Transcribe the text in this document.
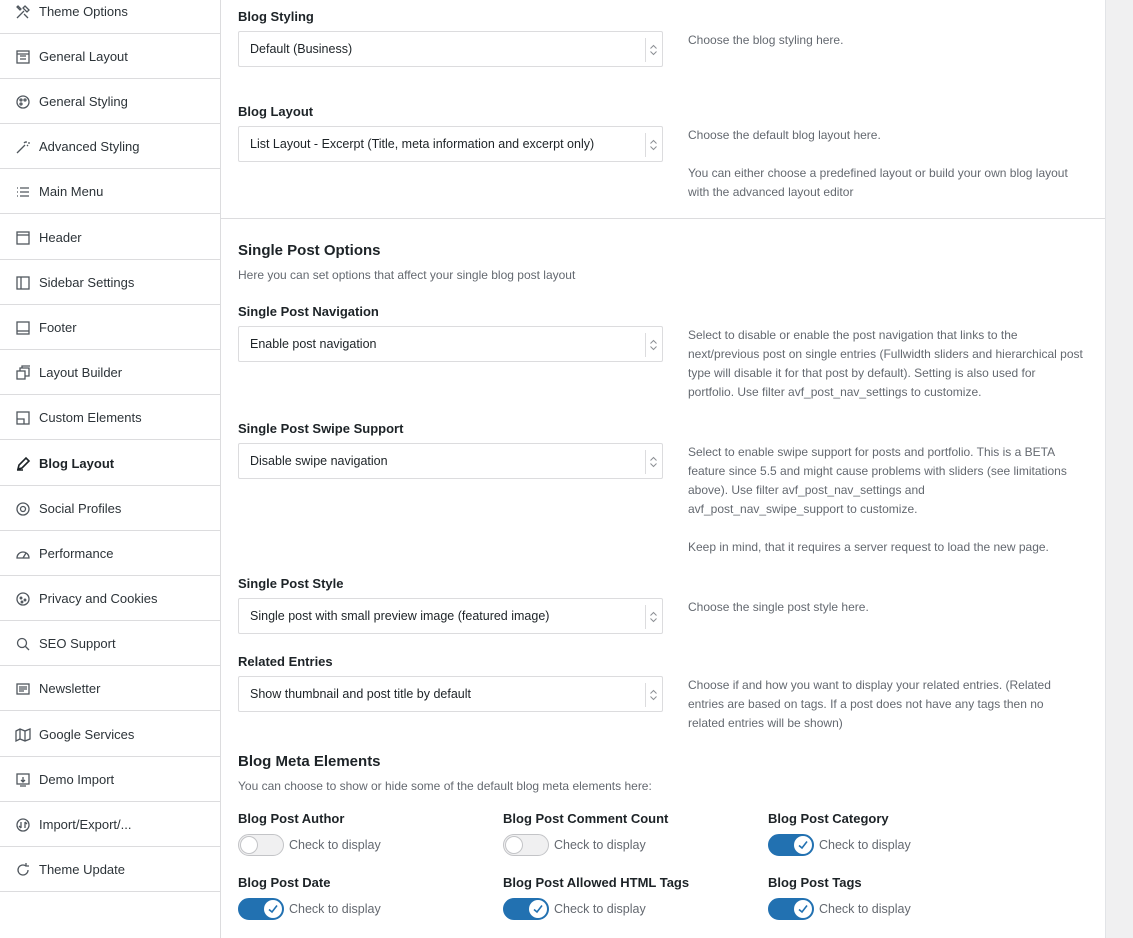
Theme Options
General Layout
General Styling
Advanced Styling
Main Menu
Header
Sidebar Settings
Footer
Layout Builder
Custom Elements
Blog Layout
Social Profiles
Performance
Privacy and Cookies
SEO Support
Newsletter
Google Services
Demo Import
Import/Export/...
Theme Update
Blog Styling
Default (Business)
Choose the blog styling here.
Blog Layout
List Layout - Excerpt (Title, meta information and excerpt only)
Choose the default blog layout here.
You can either choose a predefined layout or build your own blog layout with the advanced layout editor
Single Post Options
Here you can set options that affect your single blog post layout
Single Post Navigation
Enable post navigation
Select to disable or enable the post navigation that links to the next/previous post on single entries (Fullwidth sliders and hierarchical post type will disable it for that post by default). Setting is also used for portfolio. Use filter avf_post_nav_settings to customize.
Single Post Swipe Support
Disable swipe navigation
Select to enable swipe support for posts and portfolio. This is a BETA feature since 5.5 and might cause problems with sliders (see limitations above). Use filter avf_post_nav_settings and avf_post_nav_swipe_support to customize.
Keep in mind, that it requires a server request to load the new page.
Single Post Style
Single post with small preview image (featured image)
Choose the single post style here.
Related Entries
Show thumbnail and post title by default
Choose if and how you want to display your related entries. (Related entries are based on tags. If a post does not have any tags then no related entries will be shown)
Blog Meta Elements
You can choose to show or hide some of the default blog meta elements here:
Blog Post Author
Check to display
Blog Post Comment Count
Check to display
Blog Post Category
Check to display
Blog Post Date
Check to display
Blog Post Allowed HTML Tags
Check to display
Blog Post Tags
Check to display
